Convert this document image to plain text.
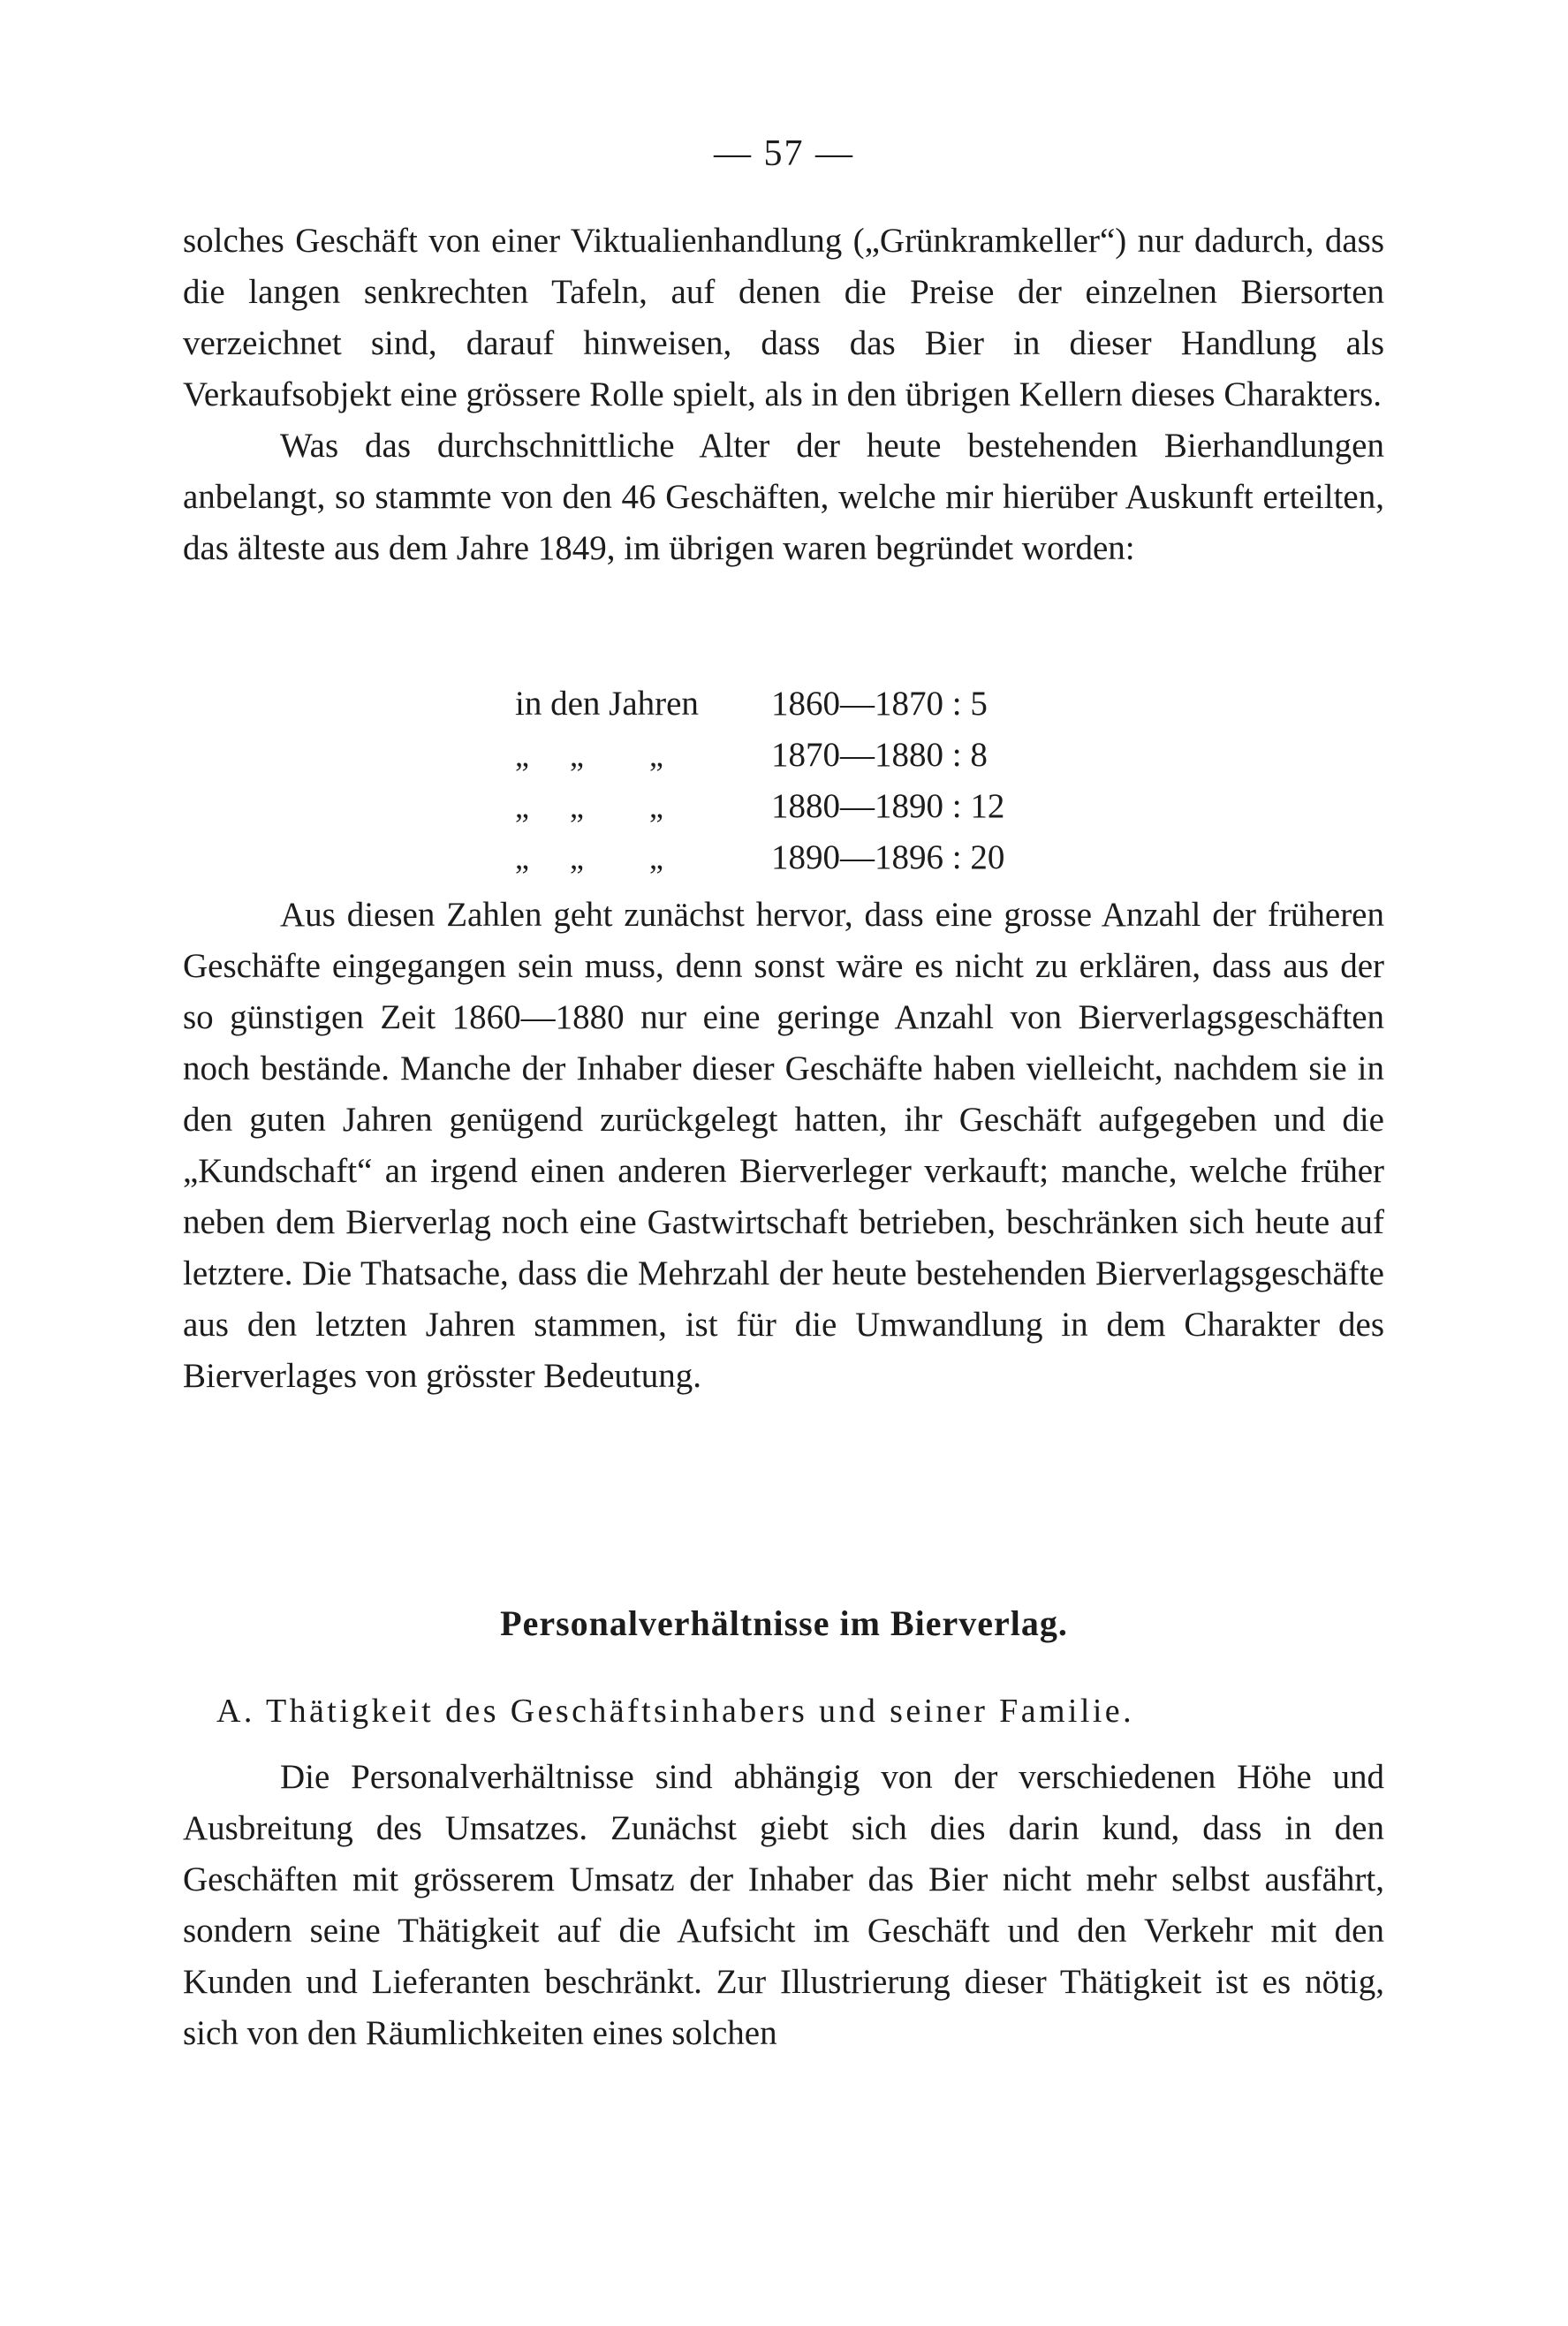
— 57 —

solches Geschäft von einer Viktualienhandlung („Grünkramkeller“) nur dadurch, dass die langen senkrechten Tafeln, auf denen die Preise der einzelnen Biersorten verzeichnet sind, darauf hinweisen, dass das Bier in dieser Handlung als Verkaufsobjekt eine grössere Rolle spielt, als in den übrigen Kellern dieses Charakters.

Was das durchschnittliche Alter der heute bestehenden Bierhandlungen anbelangt, so stammte von den 46 Geschäften, welche mir hierüber Auskunft erteilten, das älteste aus dem Jahre 1849, im übrigen waren begründet worden:

in den Jahren	1860—1870 : 5
„ „ „	1870—1880 : 8
„ „ „	1880—1890 : 12
„ „ „	1890—1896 : 20

Aus diesen Zahlen geht zunächst hervor, dass eine grosse Anzahl der früheren Geschäfte eingegangen sein muss, denn sonst wäre es nicht zu erklären, dass aus der so günstigen Zeit 1860—1880 nur eine geringe Anzahl von Bierverlagsgeschäften noch bestände. Manche der Inhaber dieser Geschäfte haben vielleicht, nachdem sie in den guten Jahren genügend zurückgelegt hatten, ihr Geschäft aufgegeben und die „Kundschaft“ an irgend einen anderen Bierverleger verkauft; manche, welche früher neben dem Bierverlag noch eine Gastwirtschaft betrieben, beschränken sich heute auf letztere. Die Thatsache, dass die Mehrzahl der heute bestehenden Bierverlagsgeschäfte aus den letzten Jahren stammen, ist für die Umwandlung in dem Charakter des Bierverlages von grösster Bedeutung.

Personalverhältnisse im Bierverlag.
A. Thätigkeit des Geschäftsinhabers und seiner Familie.

Die Personalverhältnisse sind abhängig von der verschiedenen Höhe und Ausbreitung des Umsatzes. Zunächst giebt sich dies darin kund, dass in den Geschäften mit grösserem Umsatz der Inhaber das Bier nicht mehr selbst ausfährt, sondern seine Thätigkeit auf die Aufsicht im Geschäft und den Verkehr mit den Kunden und Lieferanten beschränkt. Zur Illustrierung dieser Thätigkeit ist es nötig, sich von den Räumlichkeiten eines solchen
